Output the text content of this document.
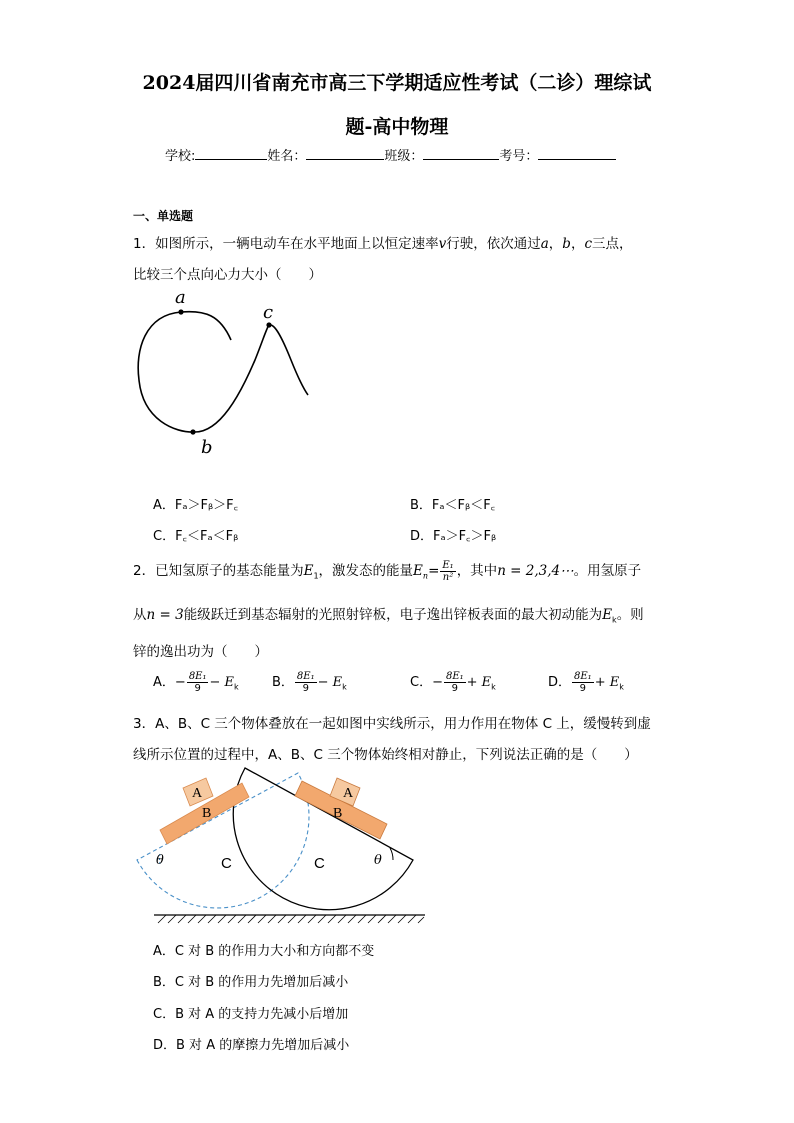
2024届四川省南充市高三下学期适应性考试（二诊）理综试
题-高中物理
学校:	姓名：	班级：	考号：
一、单选题
1．如图所示，一辆电动车在水平地面上以恒定速率v行驶，依次通过a，b，c三点，
比较三个点向心力大小（　　）
a
b
c
A．Fₐ＞Fᵦ＞F꜀	B．Fₐ＜Fᵦ＜F꜀
C．F꜀＜Fₐ＜Fᵦ	D．Fₐ＞F꜀＞Fᵦ
2．已知氢原子的基态能量为$E_1$，激发态的能量$E_n= \frac{\text{E₁}}{\text{n²}}$ ，其中n = 2,3,4⋯。用氢原子
从n = 3能级跃迁到基态辐射的光照射锌板，电子逸出锌板表面的最大初动能为$E_k$。则
锌的逸出功为（　　）
A．− $\frac{\text{8E₁}}{9} - E_k$	B． $\frac{\text{8E₁}}{9} - E_k$	C．− $\frac{\text{8E₁}}{9} + E_k$	D． $\frac{\text{8E₁}}{9} + E_k$
3．A、B、C 三个物体叠放在一起如图中实线所示，用力作用在物体 C 上，缓慢转到虚
线所示位置的过程中，A、B、C 三个物体始终相对静止，下列说法正确的是（　　）
A
B
A
B
θ	θ
C	C
A．C 对 B 的作用力大小和方向都不变
B．C 对 B 的作用力先增加后减小
C．B 对 A 的支持力先减小后增加
D．B 对 A 的摩擦力先增加后减小
